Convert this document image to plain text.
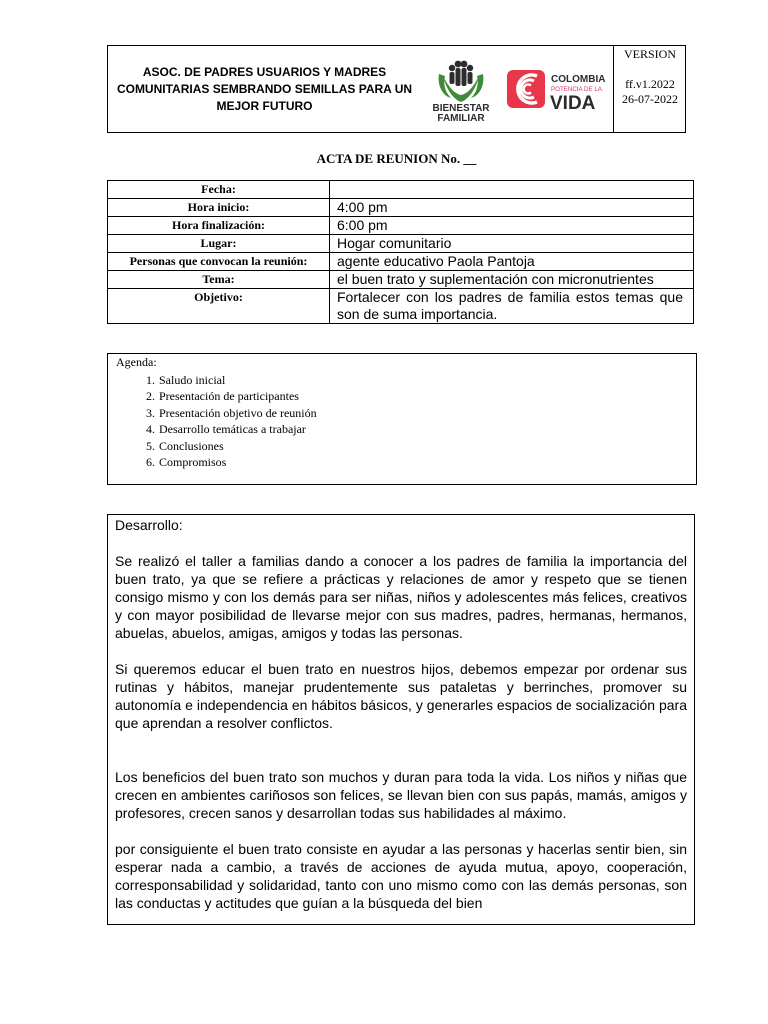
ASOC. DE PADRES USUARIOS Y MADRES COMUNITARIAS SEMBRANDO SEMILLAS PARA UN MEJOR FUTURO	BIENESTAR
FAMILIAR
COLOMBIA
POTENCIA DE LA
VIDA
VERSION
ff.v1.2022
26-07-2022
ACTA DE REUNION No. __
Fecha:	
Hora inicio:	4:00 pm
Hora finalización:	6:00 pm
Lugar:	Hogar comunitario
Personas que convocan la reunión:	agente educativo Paola Pantoja
Tema:	el buen trato y suplementación con micronutrientes
Objetivo:	Fortalecer con los padres de familia estos temas que son de suma importancia.
Agenda:
1. Saludo inicial
2. Presentación de participantes
3. Presentación objetivo de reunión
4. Desarrollo temáticas a trabajar
5. Conclusiones
6. Compromisos

Desarrollo:

Se realizó el taller a familias dando a conocer a los padres de familia la importancia del buen trato, ya que se refiere a prácticas y relaciones de amor y respeto que se tienen consigo mismo y con los demás para ser niñas, niños y adolescentes más felices, creativos y con mayor posibilidad de llevarse mejor con sus madres, padres, hermanas, hermanos, abuelas, abuelos, amigas, amigos y todas las personas.

Si queremos educar el buen trato en nuestros hijos, debemos empezar por ordenar sus rutinas y hábitos, manejar prudentemente sus pataletas y berrinches, promover su autonomía e independencia en hábitos básicos, y generarles espacios de socialización para que aprendan a resolver conflictos.

Los beneficios del buen trato son muchos y duran para toda la vida. Los niños y niñas que crecen en ambientes cariñosos son felices, se llevan bien con sus papás, mamás, amigos y profesores, crecen sanos y desarrollan todas sus habilidades al máximo.

por consiguiente el buen trato consiste en ayudar a las personas y hacerlas sentir bien, sin esperar nada a cambio, a través de acciones de ayuda mutua, apoyo, cooperación, corresponsabilidad y solidaridad, tanto con uno mismo como con las demás personas, son las conductas y actitudes que guían a la búsqueda del bien
